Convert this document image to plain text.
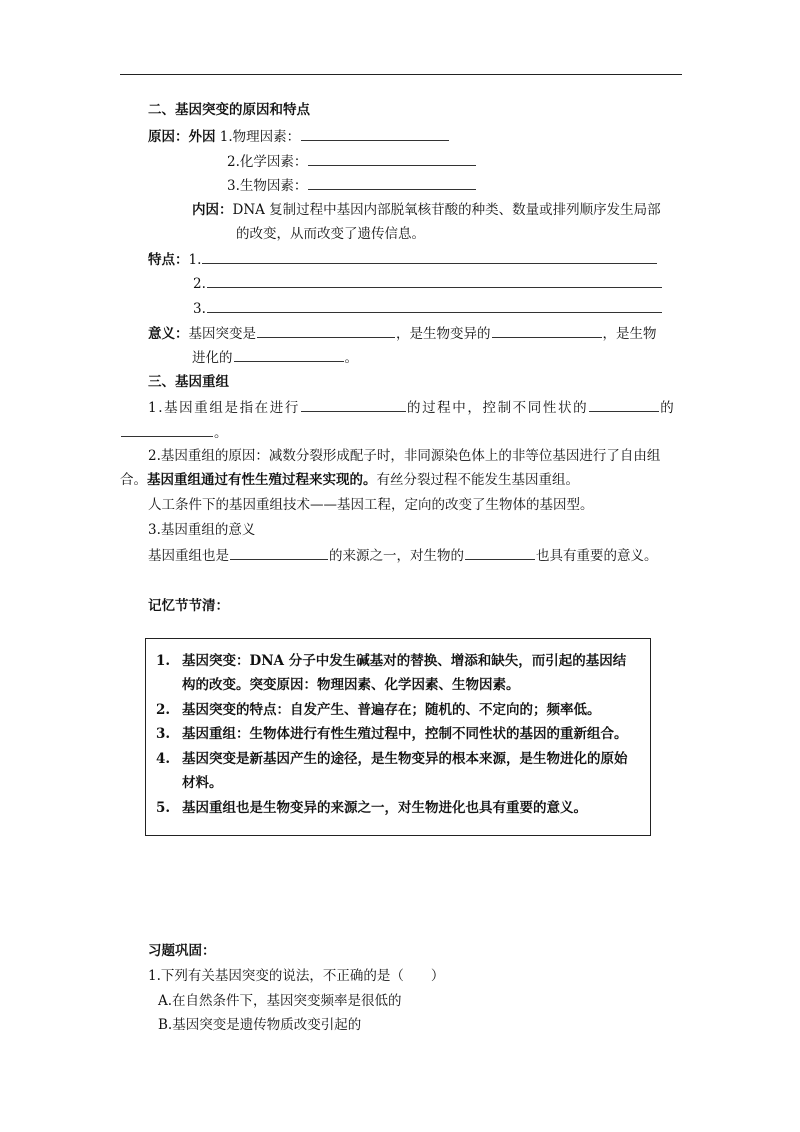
二、基因突变的原因和特点
原因：外因 1.物理因素：
2.化学因素：
3.生物因素：
内因：DNA 复制过程中基因内部脱氧核苷酸的种类、数量或排列顺序发生局部
的改变，从而改变了遗传信息。
特点：1.
2.
3.
意义：基因突变是	，是生物变异的	，是生物
进化的	。
三、基因重组
1.基因重组是指在进行	的过程中，控制不同性状的	的
。
2.基因重组的原因：减数分裂形成配子时，非同源染色体上的非等位基因进行了自由组
合。基因重组通过有性生殖过程来实现的。有丝分裂过程不能发生基因重组。
人工条件下的基因重组技术——基因工程，定向的改变了生物体的基因型。
3.基因重组的意义
基因重组也是	的来源之一，对生物的	也具有重要的意义。
记忆节节清：
1. 基因突变：DNA 分子中发生碱基对的替换、增添和缺失，而引起的基因结
构的改变。突变原因：物理因素、化学因素、生物因素。
2. 基因突变的特点：自发产生、普遍存在；随机的、不定向的；频率低。
3. 基因重组：生物体进行有性生殖过程中，控制不同性状的基因的重新组合。
4. 基因突变是新基因产生的途径，是生物变异的根本来源，是生物进化的原始
材料。
5. 基因重组也是生物变异的来源之一，对生物进化也具有重要的意义。
习题巩固：
1.下列有关基因突变的说法，不正确的是（　　）
A.在自然条件下，基因突变频率是很低的
B.基因突变是遗传物质改变引起的
